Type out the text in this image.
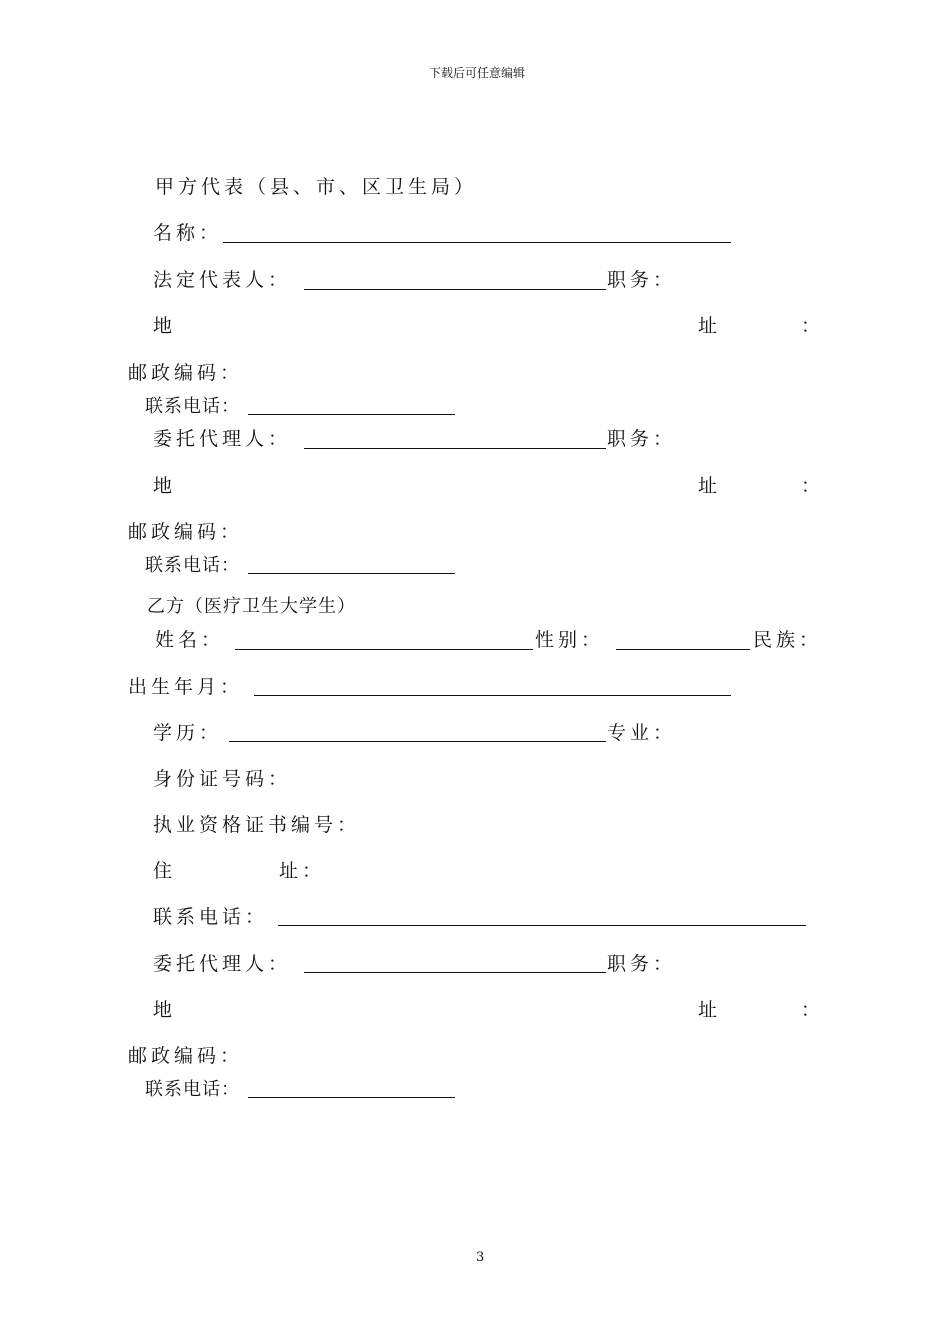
下载后可任意编辑
甲方代表（县、市、区卫生局）
名称：
法定代表人：	职务：
地	址	：
邮政编码：
联系电话：
委托代理人：	职务：
地	址	：
邮政编码：
联系电话：
乙方（医疗卫生大学生）
姓名：	性别：	民族：
出生年月：
学历：	专业：
身份证号码：
执业资格证书编号：
住	址：
联系电话：
委托代理人：	职务：
地	址	：
邮政编码：
联系电话：
3
